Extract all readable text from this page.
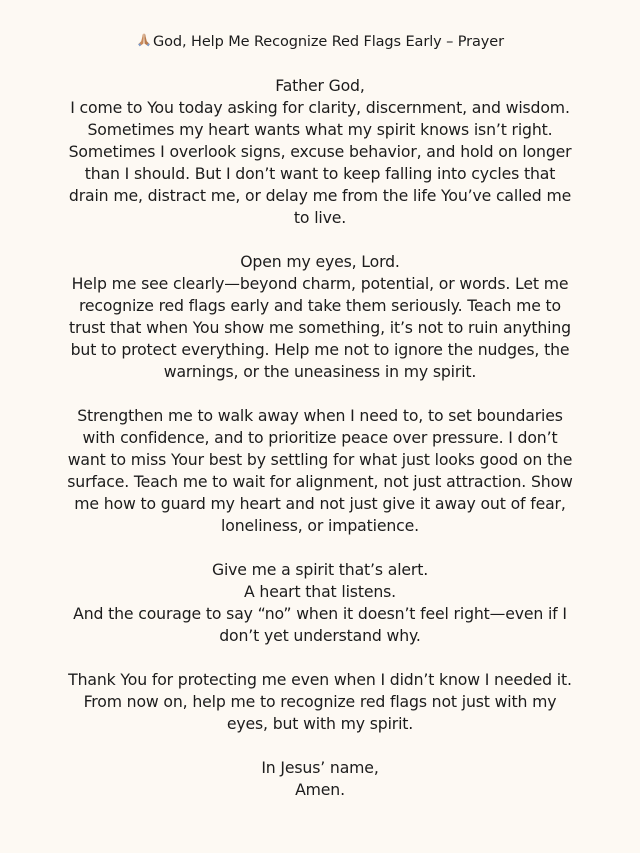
God, Help Me Recognize Red Flags Early – Prayer

Father God,
I come to You today asking for clarity, discernment, and wisdom.
Sometimes my heart wants what my spirit knows isn’t right.
Sometimes I overlook signs, excuse behavior, and hold on longer
than I should. But I don’t want to keep falling into cycles that
drain me, distract me, or delay me from the life You’ve called me
to live.

Open my eyes, Lord.
Help me see clearly—beyond charm, potential, or words. Let me
recognize red flags early and take them seriously. Teach me to
trust that when You show me something, it’s not to ruin anything
but to protect everything. Help me not to ignore the nudges, the
warnings, or the uneasiness in my spirit.

Strengthen me to walk away when I need to, to set boundaries
with confidence, and to prioritize peace over pressure. I don’t
want to miss Your best by settling for what just looks good on the
surface. Teach me to wait for alignment, not just attraction. Show
me how to guard my heart and not just give it away out of fear,
loneliness, or impatience.

Give me a spirit that’s alert.
A heart that listens.
And the courage to say “no” when it doesn’t feel right—even if I
don’t yet understand why.

Thank You for protecting me even when I didn’t know I needed it.
From now on, help me to recognize red flags not just with my
eyes, but with my spirit.

In Jesus’ name,
Amen.
